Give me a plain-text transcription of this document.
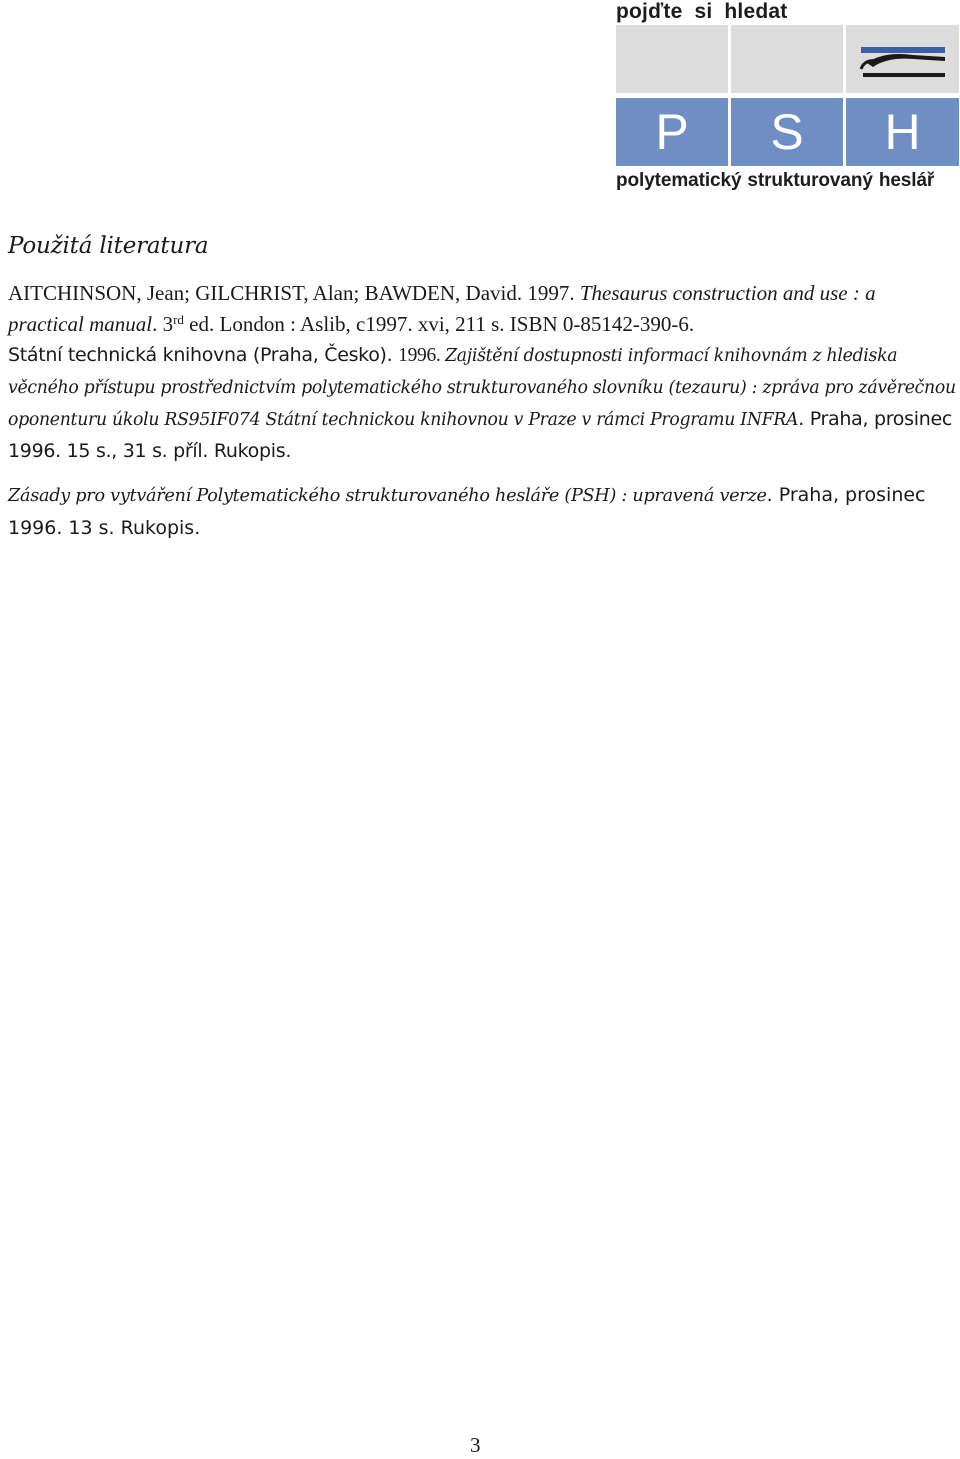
pojďte si hledat
P	S	H
polytematický strukturovaný heslář
Použitá literatura

AITCHINSON, Jean; GILCHRIST, Alan; BAWDEN, David. 1997. Thesaurus construction and use : a practical manual. 3rd ed. London : Aslib, c1997. xvi, 211 s. ISBN 0-85142-390-6.

Státní technická knihovna (Praha, Česko). 1996. Zajištění dostupnosti informací knihovnám z hlediska věcného přístupu prostřednictvím polytematického strukturovaného slovníku (tezauru) : zpráva pro závěrečnou oponenturu úkolu RS95IF074 Státní technickou knihovnou v Praze v rámci Programu INFRA. Praha, prosinec 1996. 15 s., 31 s. příl. Rukopis.

Zásady pro vytváření Polytematického strukturovaného hesláře (PSH) : upravená verze. Praha, prosinec 1996. 13 s. Rukopis.

3
